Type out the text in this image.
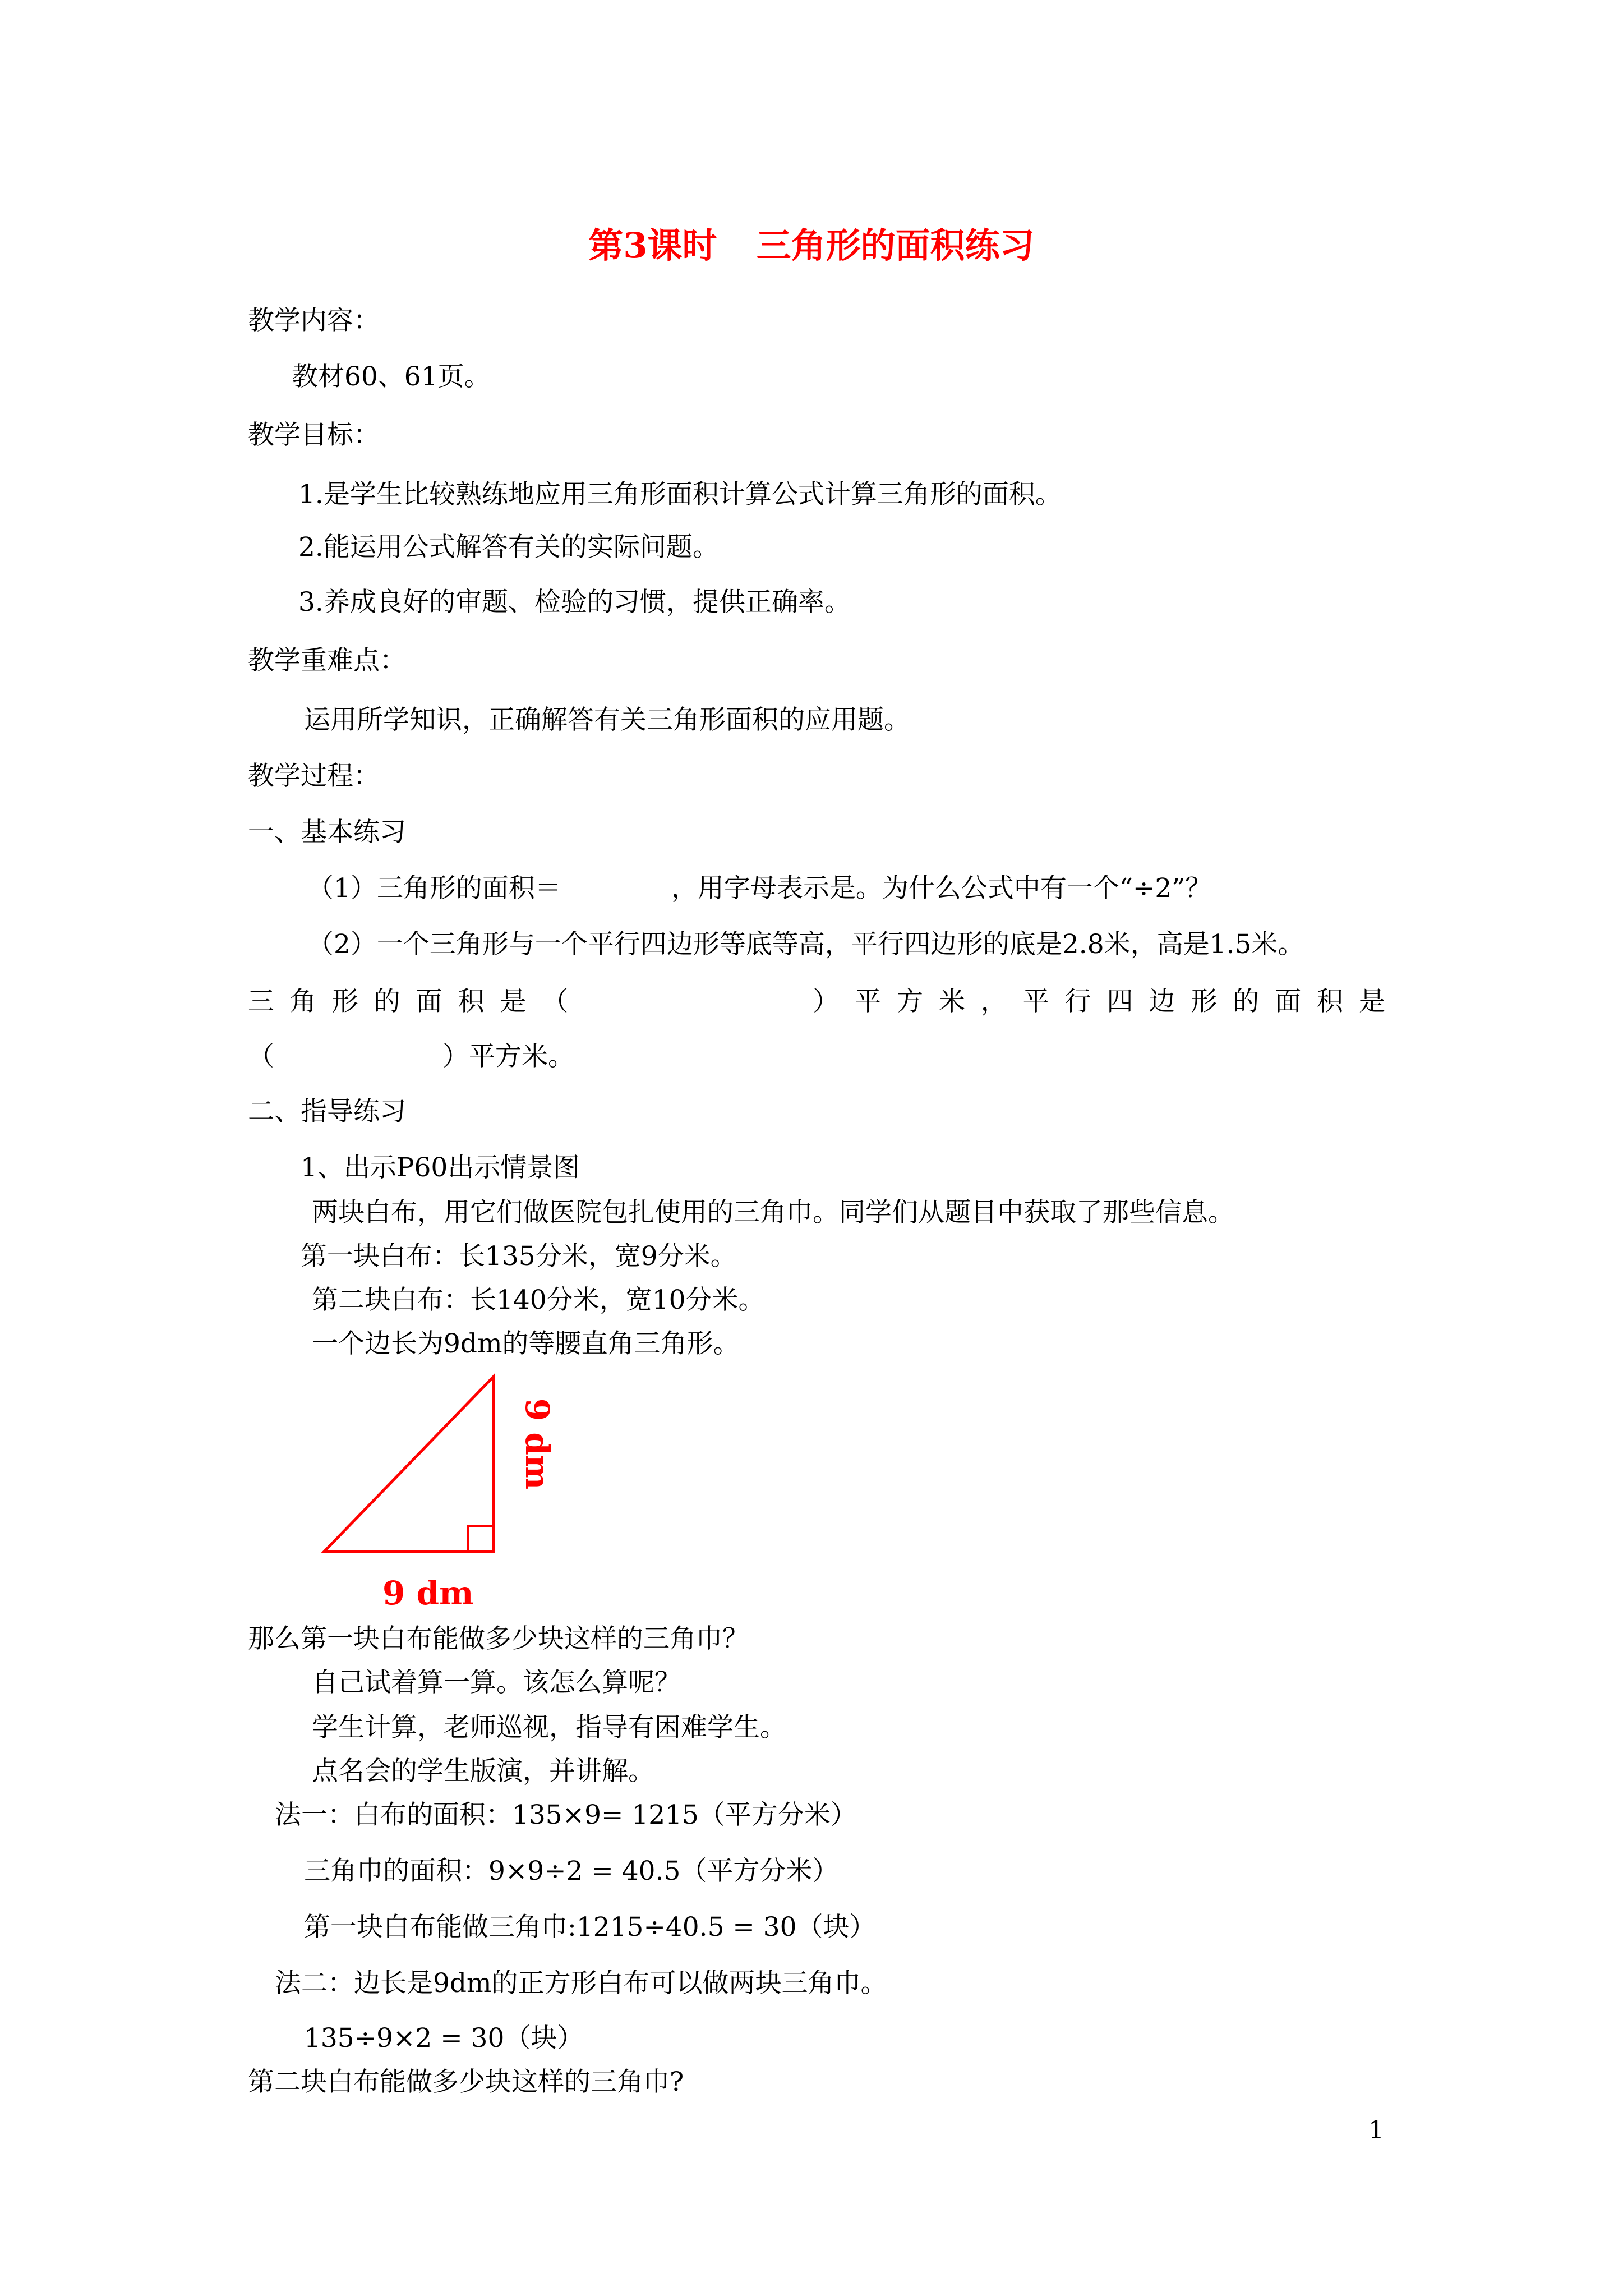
第3课时 三角形的面积练习

教学内容：

教材60、61页。

教学目标：

1.是学生比较熟练地应用三角形面积计算公式计算三角形的面积。

2.能运用公式解答有关的实际问题。

3.养成良好的审题、检验的习惯，提供正确率。

教学重难点：

运用所学知识，正确解答有关三角形面积的应用题。

教学过程：

一、基本练习

（1）三角形的面积＝	，用字母表示是。为什么公式中有一个“÷2”？

（2）一个三角形与一个平行四边形等底等高，平行四边形的底是2.8米，高是1.5米。

三 角 形 的 面 积 是 （	） 平 方 米 ， 平 行 四 边 形 的 面 积 是

（	）平方米。

二、指导练习

1、出示P60出示情景图

两块白布，用它们做医院包扎使用的三角巾。同学们从题目中获取了那些信息。

第一块白布：长135分米，宽9分米。

第二块白布：长140分米，宽10分米。

一个边长为9dm的等腰直角三角形。

9 dm
9 dm

那么第一块白布能做多少块这样的三角巾？

自己试着算一算。该怎么算呢？

学生计算，老师巡视，指导有困难学生。

点名会的学生版演，并讲解。

法一：白布的面积：135×9= 1215（平方分米）

三角巾的面积：9×9÷2 = 40.5（平方分米）

第一块白布能做三角巾:1215÷40.5 = 30（块）

法二：边长是9dm的正方形白布可以做两块三角巾。

135÷9×2 = 30（块）

第二块白布能做多少块这样的三角巾?

1
